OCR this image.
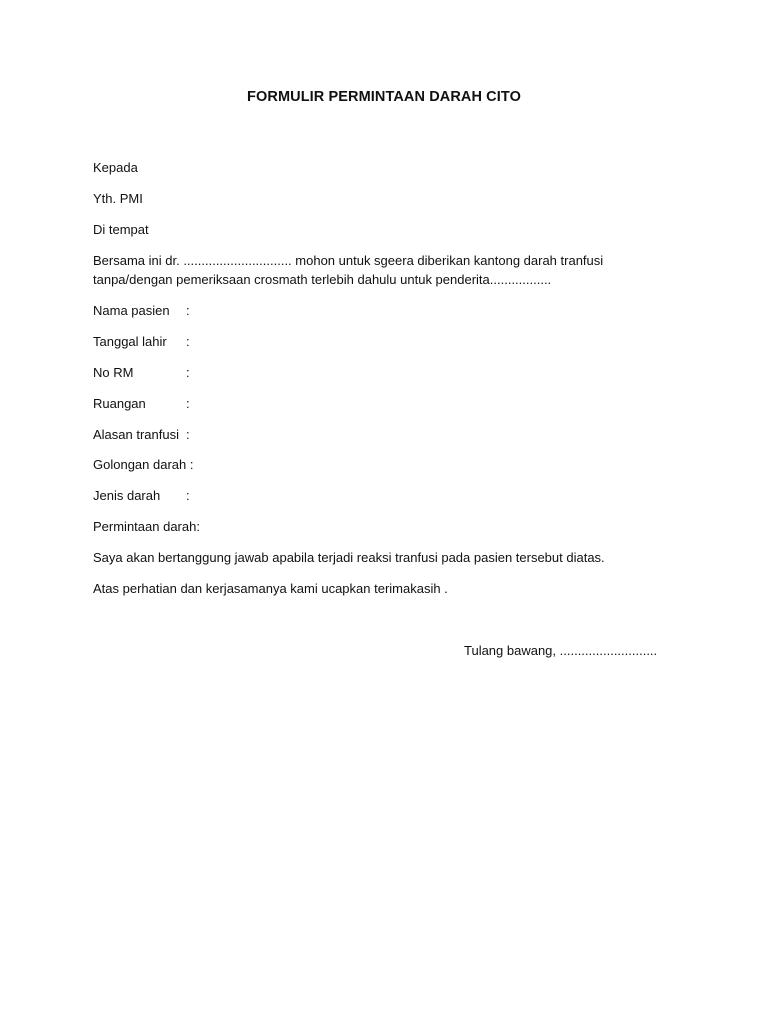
FORMULIR PERMINTAAN DARAH CITO
Kepada
Yth. PMI
Di tempat
Bersama ini dr. .............................. mohon untuk sgeera diberikan kantong darah tranfusi
tanpa/dengan pemeriksaan crosmath terlebih dahulu untuk penderita.................
Nama pasien :
Tanggal lahir :
No RM	:
Ruangan	:
Alasan tranfusi :
Golongan darah :
Jenis darah :
Permintaan darah:
Saya akan bertanggung jawab apabila terjadi reaksi tranfusi pada pasien tersebut diatas.
Atas perhatian dan kerjasamanya kami ucapkan terimakasih .
Tulang bawang, ...........................
